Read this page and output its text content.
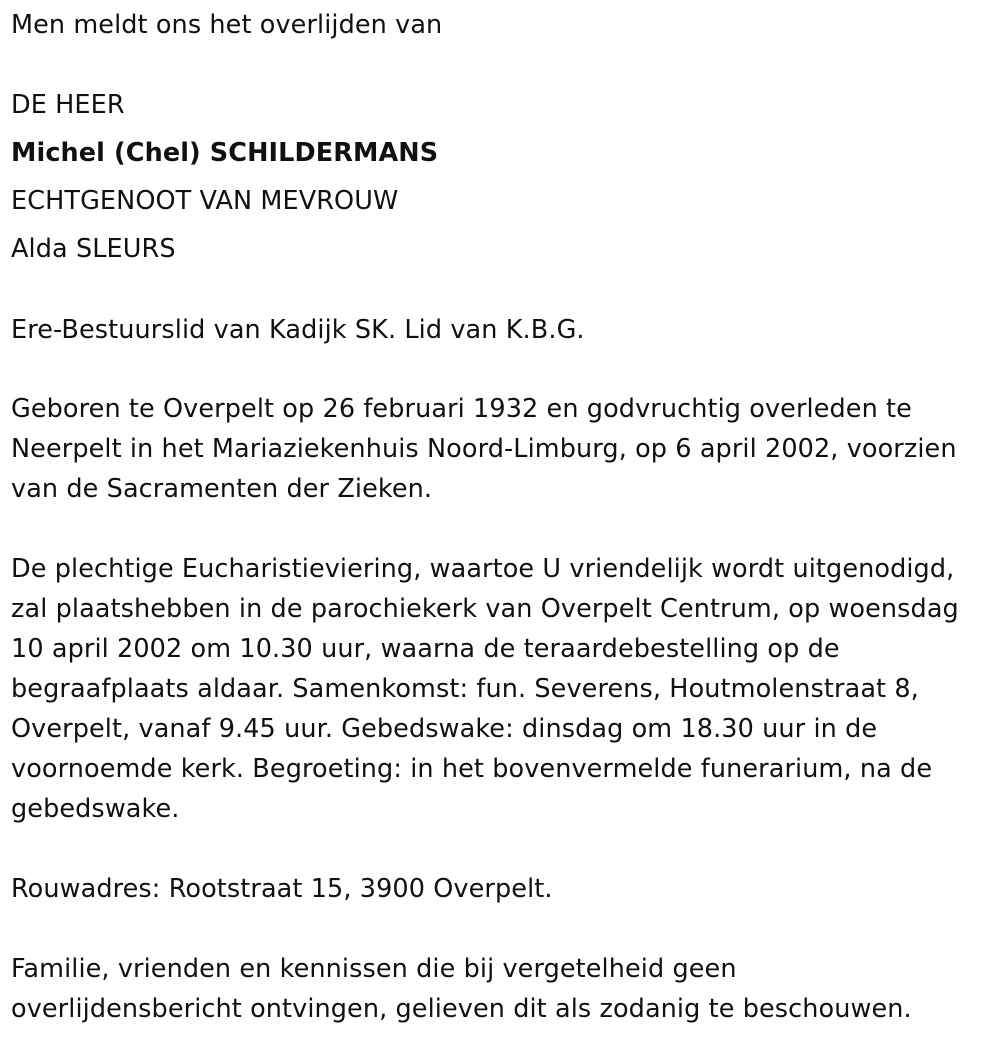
Men meldt ons het overlijden van
DE HEER
Michel (Chel) SCHILDERMANS
ECHTGENOOT VAN MEVROUW
Alda SLEURS
Ere-Bestuurslid van Kadijk SK. Lid van K.B.G.
Geboren te Overpelt op 26 februari 1932 en godvruchtig overleden te
Neerpelt in het Mariaziekenhuis Noord-Limburg, op 6 april 2002, voorzien
van de Sacramenten der Zieken.
De plechtige Eucharistieviering, waartoe U vriendelijk wordt uitgenodigd,
zal plaatshebben in de parochiekerk van Overpelt Centrum, op woensdag
10 april 2002 om 10.30 uur, waarna de teraardebestelling op de
begraafplaats aldaar. Samenkomst: fun. Severens, Houtmolenstraat 8,
Overpelt, vanaf 9.45 uur. Gebedswake: dinsdag om 18.30 uur in de
voornoemde kerk. Begroeting: in het bovenvermelde funerarium, na de
gebedswake.
Rouwadres: Rootstraat 15, 3900 Overpelt.
Familie, vrienden en kennissen die bij vergetelheid geen
overlijdensbericht ontvingen, gelieven dit als zodanig te beschouwen.
